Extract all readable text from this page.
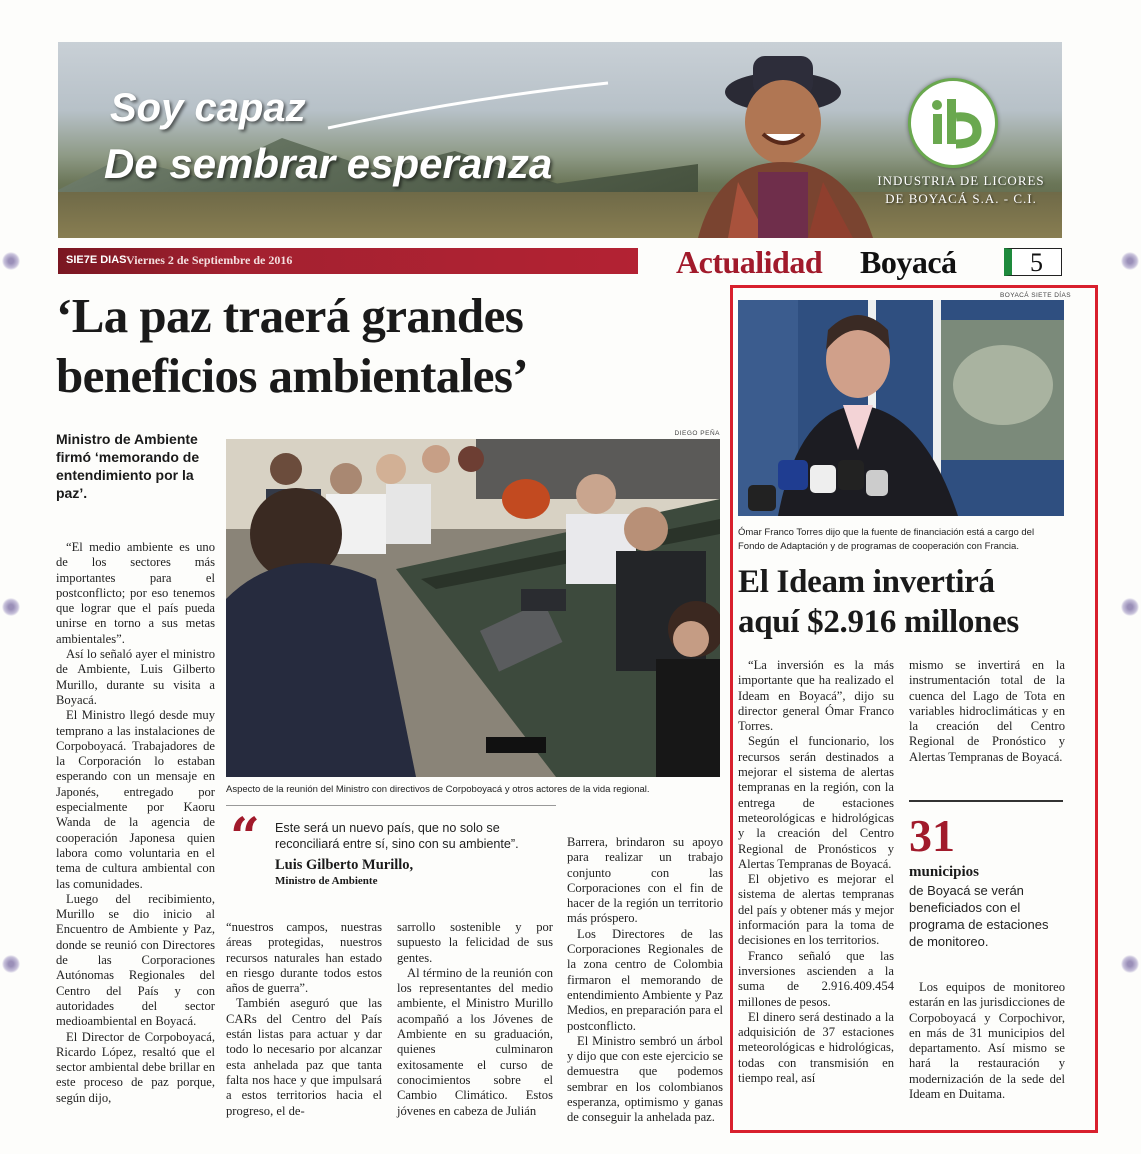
Soy capaz
De sembrar esperanza	INDUSTRIA DE LICORES
DE BOYACÁ S.A. - C.I.
SIE7E DIAS Viernes 2 de Septiembre de 2016	Actualidad Boyacá	5
‘La paz traerá grandes
beneficios ambientales’
Ministro de Ambiente firmó ‘memorando de entendimiento por la paz’.

“El medio ambiente es uno de los sectores más importantes para el postconflicto; por eso tenemos que lograr que el país pueda unirse en torno a sus metas ambientales”.

Así lo señaló ayer el ministro de Ambiente, Luis Gilberto Murillo, durante su visita a Boyacá.

El Ministro llegó desde muy temprano a las instalaciones de Corpoboyacá. Trabajadores de la Corporación lo estaban esperando con un mensaje en Japonés, entregado por especialmente por Kaoru Wanda de la agencia de cooperación Japonesa quien labora como voluntaria en el tema de cultura ambiental con las comunidades.

Luego del recibimiento, Murillo se dio inicio al Encuentro de Ambiente y Paz, donde se reunió con Directores de las Corporaciones Autónomas Regionales del Centro del País y con autoridades del sector medioambiental en Boyacá.

El Director de Corpoboyacá, Ricardo López, resaltó que el sector ambiental debe brillar en este proceso de paz porque, según dijo,

DIEGO PEÑA
Aspecto de la reunión del Ministro con directivos de Corpoboyacá y otros actores de la vida regional.
“ Este será un nuevo país, que no solo se reconciliará entre sí, sino con su ambiente”.
Luis Gilberto Murillo,
Ministro de Ambiente

“nuestros campos, nuestras áreas protegidas, nuestros recursos naturales han estado en riesgo durante todos estos años de guerra”.

También aseguró que las CARs del Centro del País están listas para actuar y dar todo lo necesario por alcanzar esta anhelada paz que tanta falta nos hace y que impulsará a estos territorios hacia el progreso, el de-

sarrollo sostenible y por supuesto la felicidad de sus gentes.

Al término de la reunión con los representantes del medio ambiente, el Ministro Murillo acompañó a los Jóvenes de Ambiente en su graduación, quienes culminaron exitosamente el curso de conocimientos sobre el Cambio Climático. Estos jóvenes en cabeza de Julián

Barrera, brindaron su apoyo para realizar un trabajo conjunto con las Corporaciones con el fin de hacer de la región un territorio más próspero.

Los Directores de las Corporaciones Regionales de la zona centro de Colombia firmaron el memorando de entendimiento Ambiente y Paz Medios, en preparación para el postconflicto.

El Ministro sembró un árbol y dijo que con este ejercicio se demuestra que podemos sembrar en los colombianos esperanza, optimismo y ganas de conseguir la anhelada paz.

BOYACÁ SIETE DÍAS
Ómar Franco Torres dijo que la fuente de financiación está a cargo del Fondo de Adaptación y de programas de cooperación con Francia.
El Ideam invertirá
aquí $2.916 millones

“La inversión es la más importante que ha realizado el Ideam en Boyacá”, dijo su director general Ómar Franco Torres.

Según el funcionario, los recursos serán destinados a mejorar el sistema de alertas tempranas en la región, con la entrega de estaciones meteorológicas e hidrológicas y la creación del Centro Regional de Pronósticos y Alertas Tempranas de Boyacá.

El objetivo es mejorar el sistema de alertas tempranas del país y obtener más y mejor información para la toma de decisiones en los territorios.

Franco señaló que las inversiones ascienden a la suma de 2.916.409.454 millones de pesos.

El dinero será destinado a la adquisición de 37 estaciones meteorológicas e hidrológicas, todas con transmisión en tiempo real, así

mismo se invertirá en la instrumentación total de la cuenca del Lago de Tota en variables hidroclimáticas y en la creación del Centro Regional de Pronóstico y Alertas Tempranas de Boyacá.

31
municipios
de Boyacá se verán beneficiados con el programa de estaciones de monitoreo.

Los equipos de monitoreo estarán en las jurisdicciones de Corpoboyacá y Corpochivor, en más de 31 municipios del departamento. Así mismo se hará la restauración y modernización de la sede del Ideam en Duitama.
